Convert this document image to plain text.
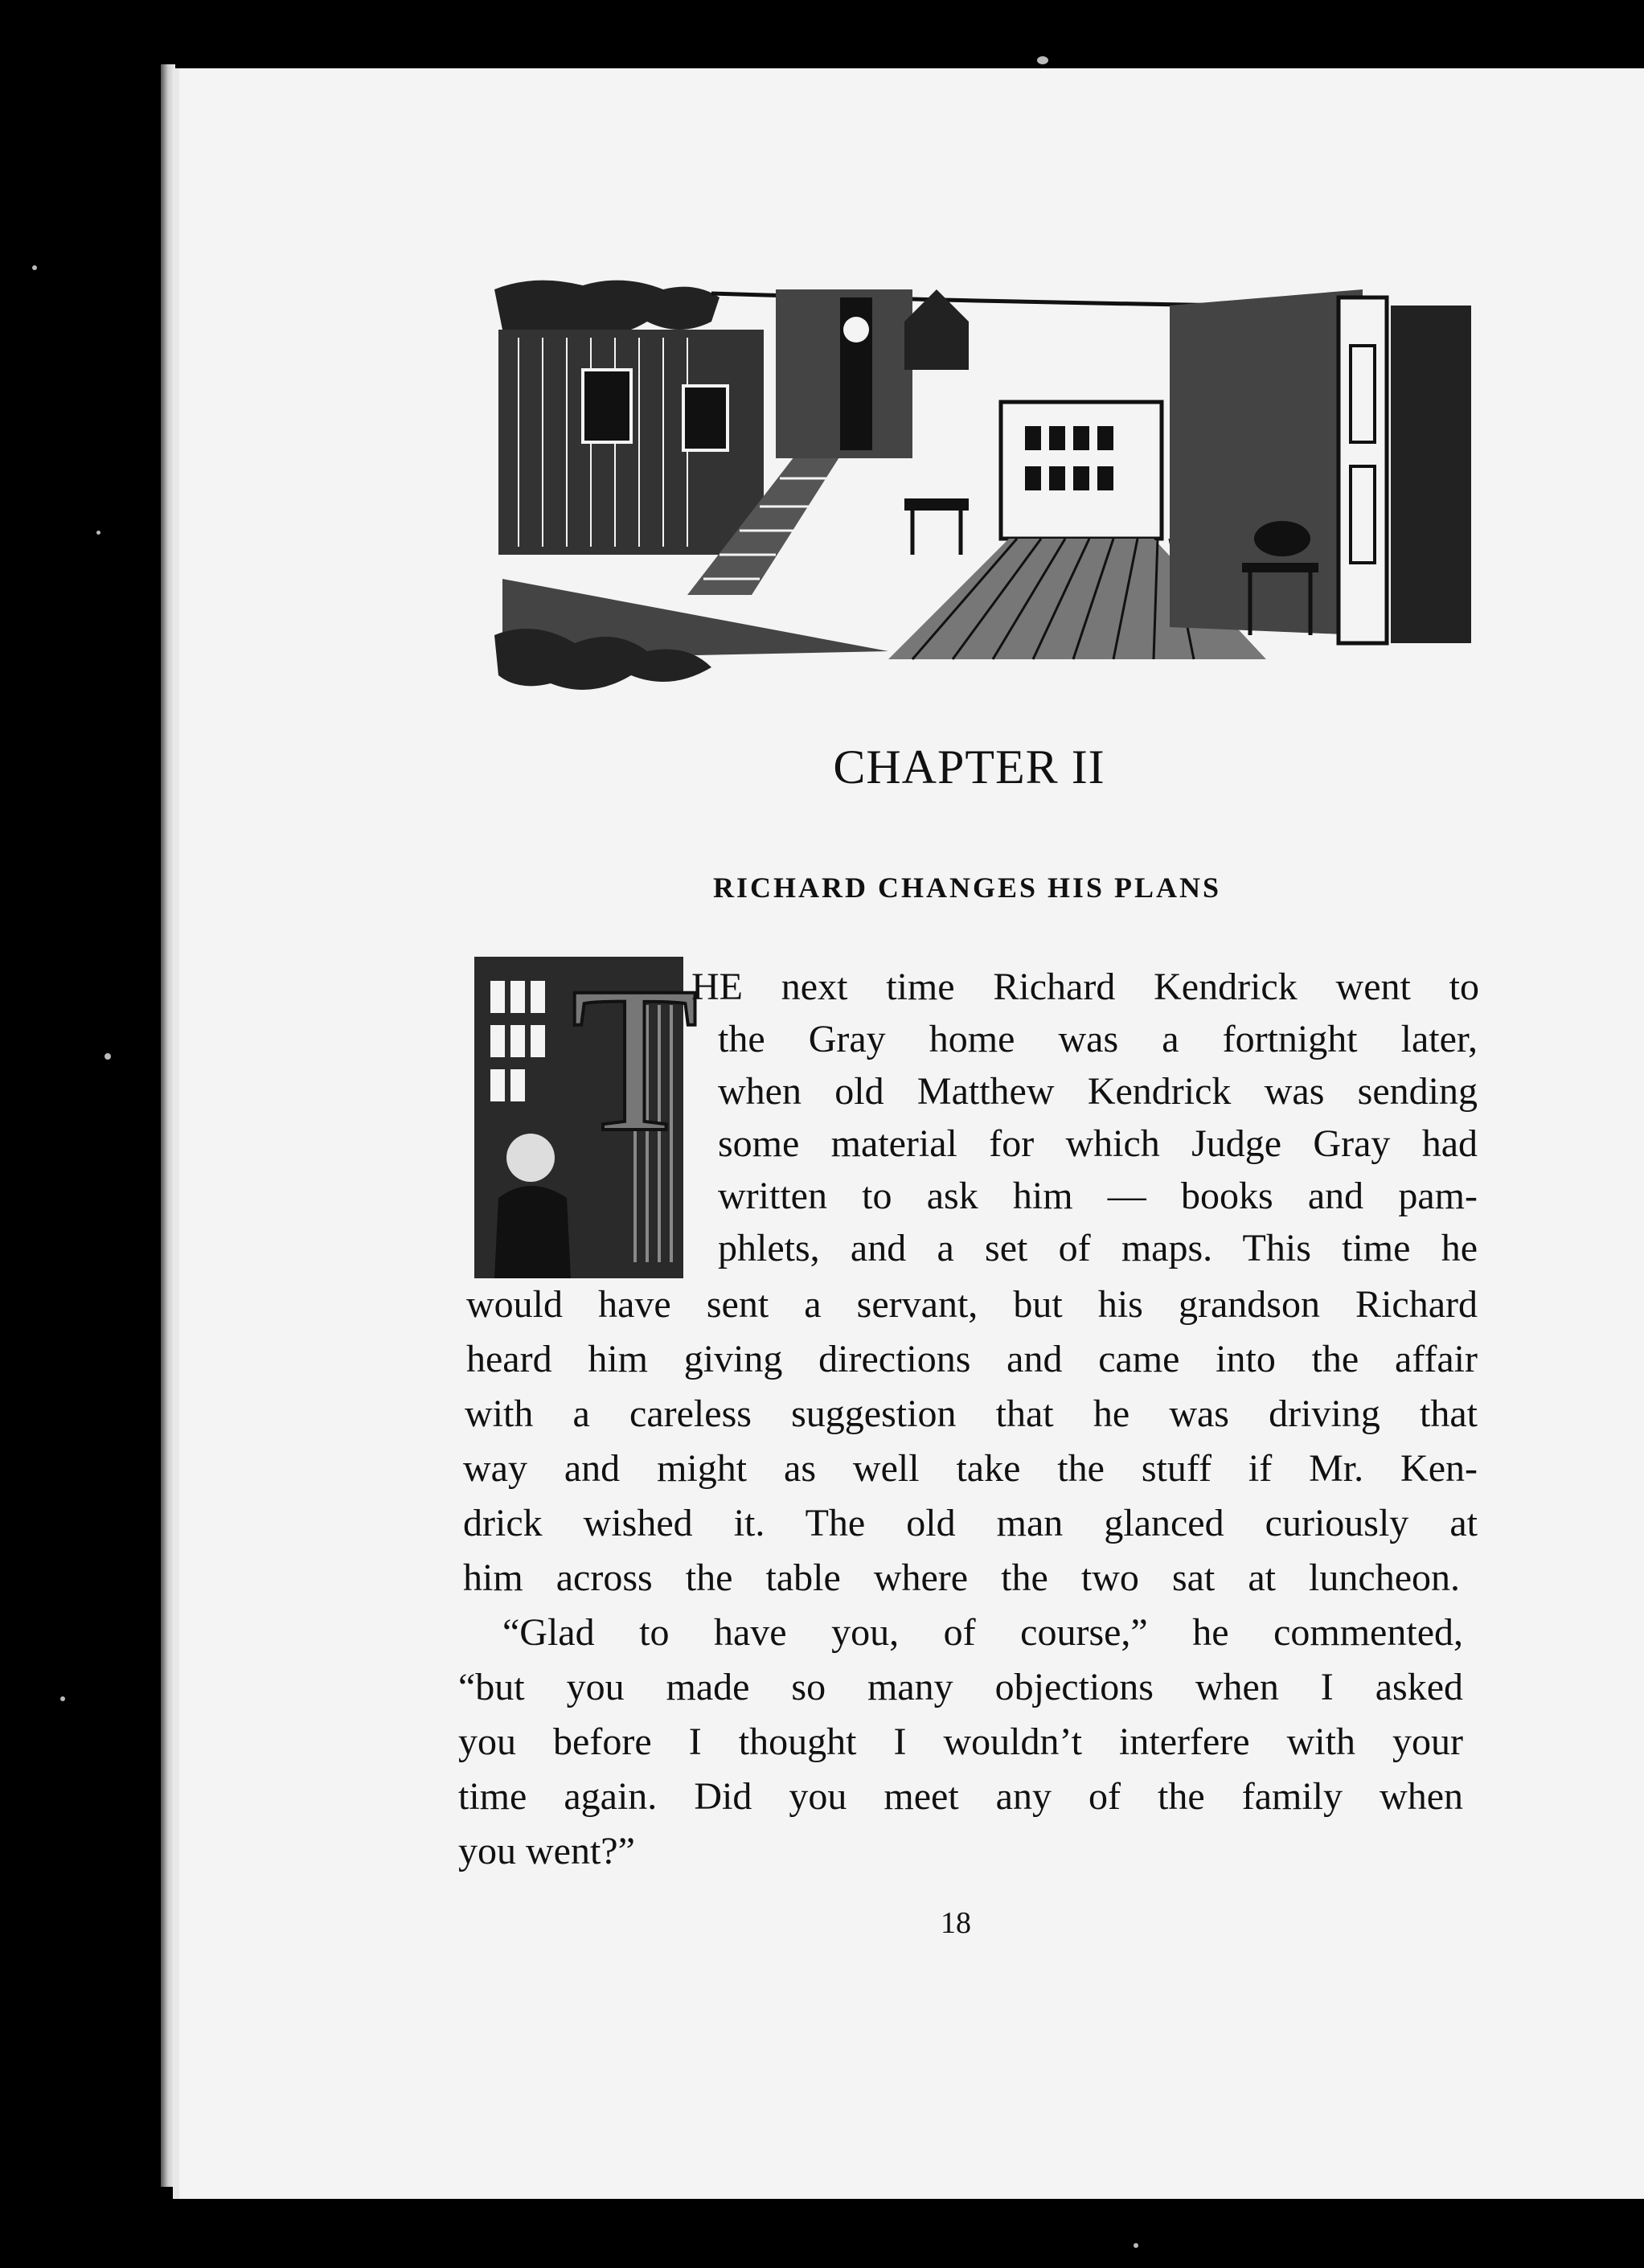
CHAPTER II
RICHARD CHANGES HIS PLANS
T
HE next time Richard Kendrick went to
the Gray home was a fortnight later,
when old Matthew Kendrick was sending
some material for which Judge Gray had
written to ask him — books and pam-
phlets, and a set of maps. This time he
would have sent a servant, but his grandson Richard
heard him giving directions and came into the affair
with a careless suggestion that he was driving that
way and might as well take the stuff if Mr. Ken-
drick wished it. The old man glanced curiously at
him across the table where the two sat at luncheon.
“Glad to have you, of course,” he commented,
“but you made so many objections when I asked
you before I thought I wouldn’t interfere with your
time again. Did you meet any of the family when
you went?”
18
